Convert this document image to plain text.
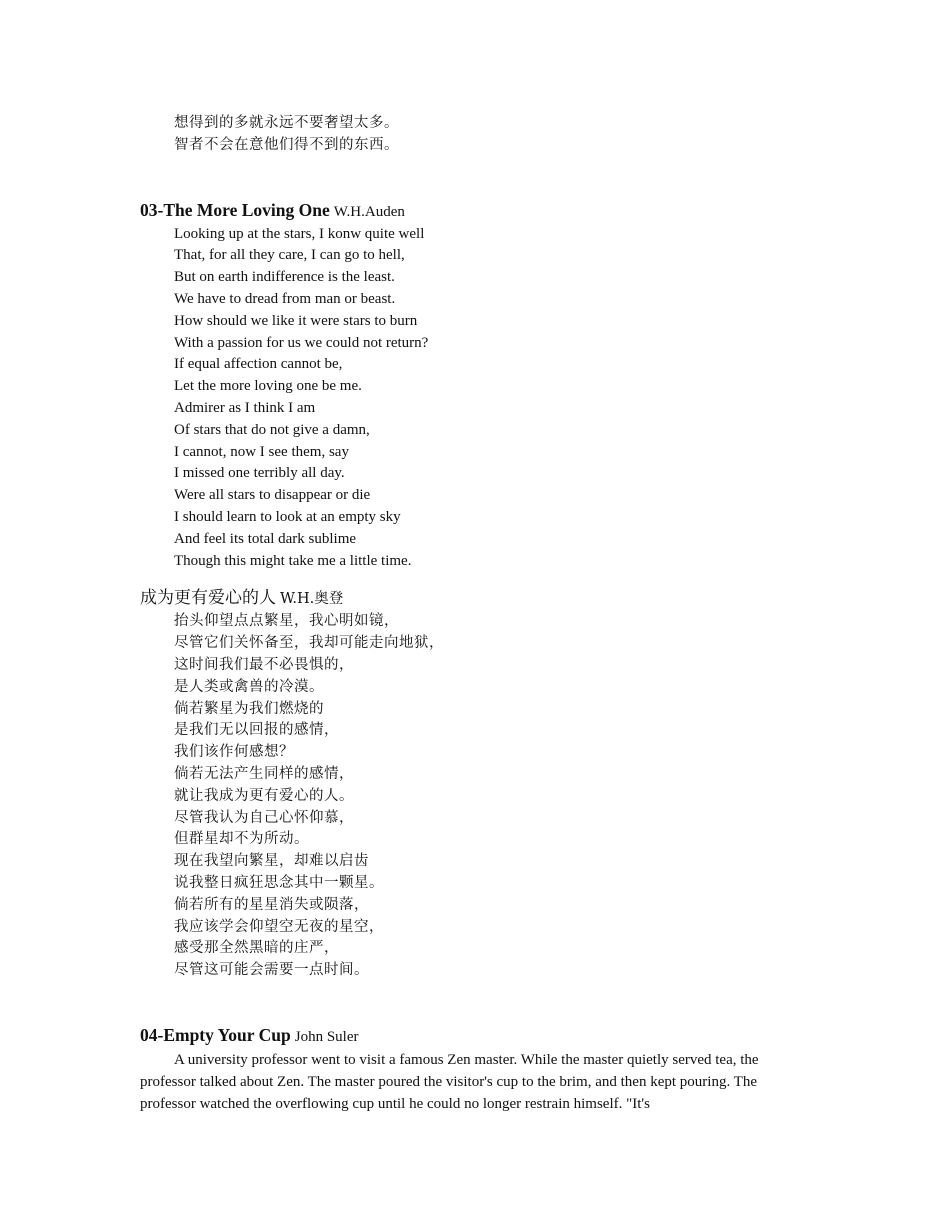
想得到的多就永远不要奢望太多。
智者不会在意他们得不到的东西。
03-The More Loving One W.H.Auden
Looking up at the stars, I konw quite well
That, for all they care, I can go to hell,
But on earth indifference is the least.
We have to dread from man or beast.
How should we like it were stars to burn
With a passion for us we could not return?
If equal affection cannot be,
Let the more loving one be me.
Admirer as I think I am
Of stars that do not give a damn,
I cannot, now I see them, say
I missed one terribly all day.
Were all stars to disappear or die
I should learn to look at an empty sky
And feel its total dark sublime
Though this might take me a little time.
成为更有爱心的人 W.H.奥登
抬头仰望点点繁星，我心明如镜，
尽管它们关怀备至，我却可能走向地狱，
这时间我们最不必畏惧的，
是人类或禽兽的冷漠。
倘若繁星为我们燃烧的
是我们无以回报的感情，
我们该作何感想？
倘若无法产生同样的感情，
就让我成为更有爱心的人。
尽管我认为自己心怀仰慕，
但群星却不为所动。
现在我望向繁星，却难以启齿
说我整日疯狂思念其中一颗星。
倘若所有的星星消失或陨落，
我应该学会仰望空无夜的星空，
感受那全然黑暗的庄严，
尽管这可能会需要一点时间。
04-Empty Your Cup John Suler

A university professor went to visit a famous Zen master. While the master quietly served tea, the professor talked about Zen. The master poured the visitor's cup to the brim, and then kept pouring. The professor watched the overflowing cup until he could no longer restrain himself. "It's
